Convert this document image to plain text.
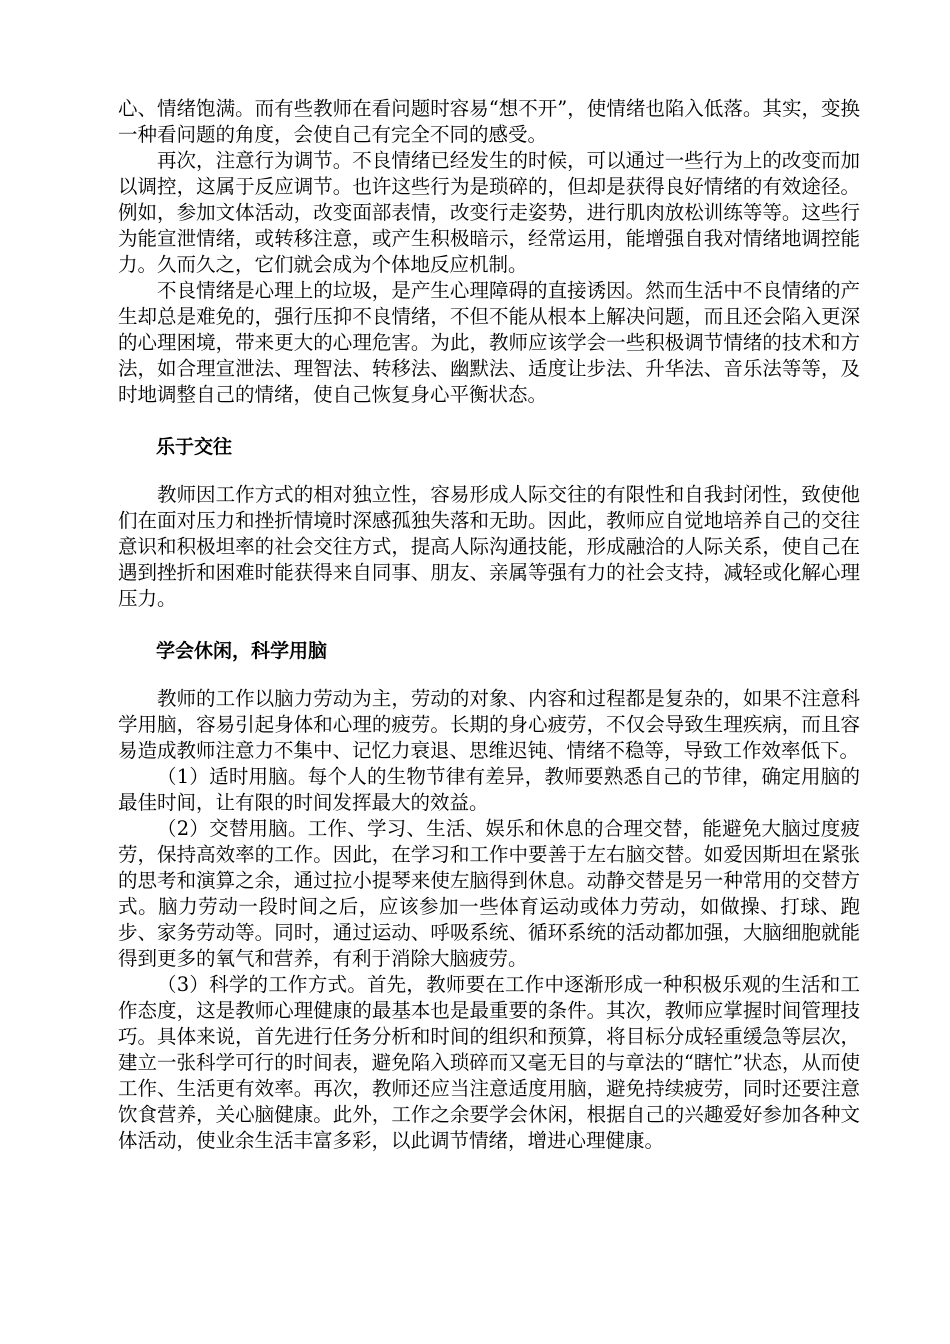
心、情绪饱满。而有些教师在看问题时容易“想不开”，使情绪也陷入低落。其实，变换一种看问题的角度，会使自己有完全不同的感受。

再次，注意行为调节。不良情绪已经发生的时候，可以通过一些行为上的改变而加以调控，这属于反应调节。也许这些行为是琐碎的，但却是获得良好情绪的有效途径。例如，参加文体活动，改变面部表情，改变行走姿势，进行肌肉放松训练等等。这些行为能宣泄情绪，或转移注意，或产生积极暗示，经常运用，能增强自我对情绪地调控能力。久而久之，它们就会成为个体地反应机制。

不良情绪是心理上的垃圾，是产生心理障碍的直接诱因。然而生活中不良情绪的产生却总是难免的，强行压抑不良情绪，不但不能从根本上解决问题，而且还会陷入更深的心理困境，带来更大的心理危害。为此，教师应该学会一些积极调节情绪的技术和方法，如合理宣泄法、理智法、转移法、幽默法、适度让步法、升华法、音乐法等等，及时地调整自己的情绪，使自己恢复身心平衡状态。

乐于交往

教师因工作方式的相对独立性，容易形成人际交往的有限性和自我封闭性，致使他们在面对压力和挫折情境时深感孤独失落和无助。因此，教师应自觉地培养自己的交往意识和积极坦率的社会交往方式，提高人际沟通技能，形成融洽的人际关系，使自己在遇到挫折和困难时能获得来自同事、朋友、亲属等强有力的社会支持，减轻或化解心理压力。

学会休闲，科学用脑

教师的工作以脑力劳动为主，劳动的对象、内容和过程都是复杂的，如果不注意科学用脑，容易引起身体和心理的疲劳。长期的身心疲劳，不仅会导致生理疾病，而且容易造成教师注意力不集中、记忆力衰退、思维迟钝、情绪不稳等，导致工作效率低下。

（1）适时用脑。每个人的生物节律有差异，教师要熟悉自己的节律，确定用脑的最佳时间，让有限的时间发挥最大的效益。

（2）交替用脑。工作、学习、生活、娱乐和休息的合理交替，能避免大脑过度疲劳，保持高效率的工作。因此，在学习和工作中要善于左右脑交替。如爱因斯坦在紧张的思考和演算之余，通过拉小提琴来使左脑得到休息。动静交替是另一种常用的交替方式。脑力劳动一段时间之后，应该参加一些体育运动或体力劳动，如做操、打球、跑步、家务劳动等。同时，通过运动、呼吸系统、循环系统的活动都加强，大脑细胞就能得到更多的氧气和营养，有利于消除大脑疲劳。

（3）科学的工作方式。首先，教师要在工作中逐渐形成一种积极乐观的生活和工作态度，这是教师心理健康的最基本也是最重要的条件。其次，教师应掌握时间管理技巧。具体来说，首先进行任务分析和时间的组织和预算，将目标分成轻重缓急等层次，建立一张科学可行的时间表，避免陷入琐碎而又毫无目的与章法的“瞎忙”状态，从而使工作、生活更有效率。再次，教师还应当注意适度用脑，避免持续疲劳，同时还要注意饮食营养，关心脑健康。此外，工作之余要学会休闲，根据自己的兴趣爱好参加各种文体活动，使业余生活丰富多彩，以此调节情绪，增进心理健康。
